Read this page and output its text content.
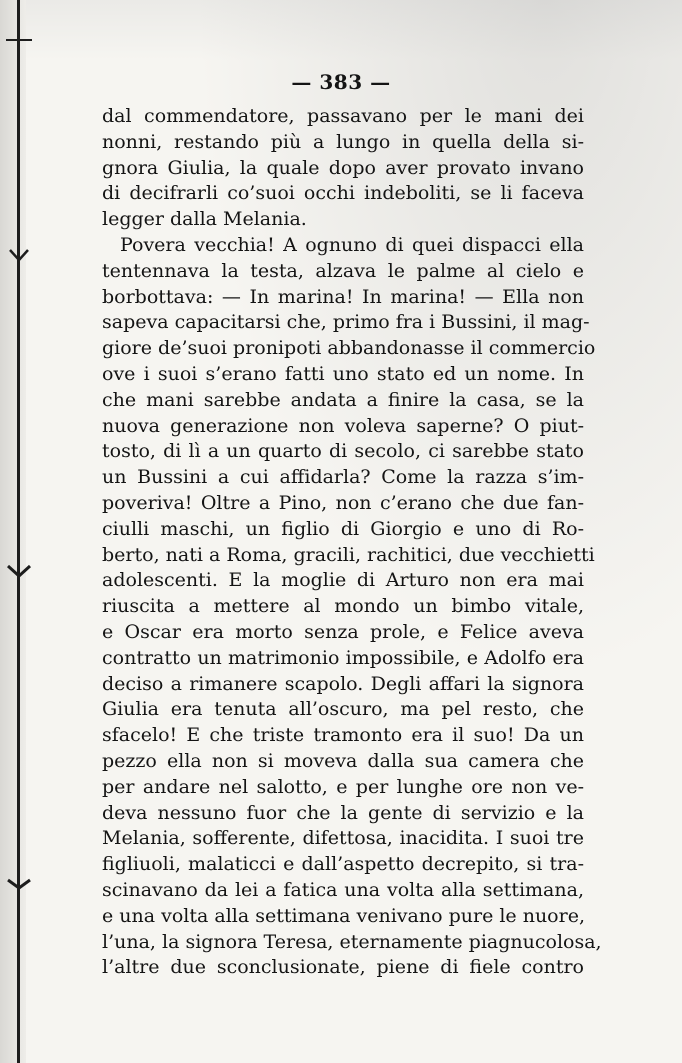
— 383 —
dal commendatore, passavano per le mani dei
nonni, restando più a lungo in quella della si-
gnora Giulia, la quale dopo aver provato invano
di decifrarli co’suoi occhi indeboliti, se li faceva
legger dalla Melania.
Povera vecchia! A ognuno di quei dispacci ella
tentennava la testa, alzava le palme al cielo e
borbottava: — In marina! In marina! — Ella non
sapeva capacitarsi che, primo fra i Bussini, il mag-
giore de’suoi pronipoti abbandonasse il commercio
ove i suoi s’erano fatti uno stato ed un nome. In
che mani sarebbe andata a finire la casa, se la
nuova generazione non voleva saperne? O piut-
tosto, di lì a un quarto di secolo, ci sarebbe stato
un Bussini a cui affidarla? Come la razza s’im-
poveriva! Oltre a Pino, non c’erano che due fan-
ciulli maschi, un figlio di Giorgio e uno di Ro-
berto, nati a Roma, gracili, rachitici, due vecchietti
adolescenti. E la moglie di Arturo non era mai
riuscita a mettere al mondo un bimbo vitale,
e Oscar era morto senza prole, e Felice aveva
contratto un matrimonio impossibile, e Adolfo era
deciso a rimanere scapolo. Degli affari la signora
Giulia era tenuta all’oscuro, ma pel resto, che
sfacelo! E che triste tramonto era il suo! Da un
pezzo ella non si moveva dalla sua camera che
per andare nel salotto, e per lunghe ore non ve-
deva nessuno fuor che la gente di servizio e la
Melania, sofferente, difettosa, inacidita. I suoi tre
figliuoli, malaticci e dall’aspetto decrepito, si tra-
scinavano da lei a fatica una volta alla settimana,
e una volta alla settimana venivano pure le nuore,
l’una, la signora Teresa, eternamente piagnucolosa,
l’altre due sconclusionate, piene di fiele contro
